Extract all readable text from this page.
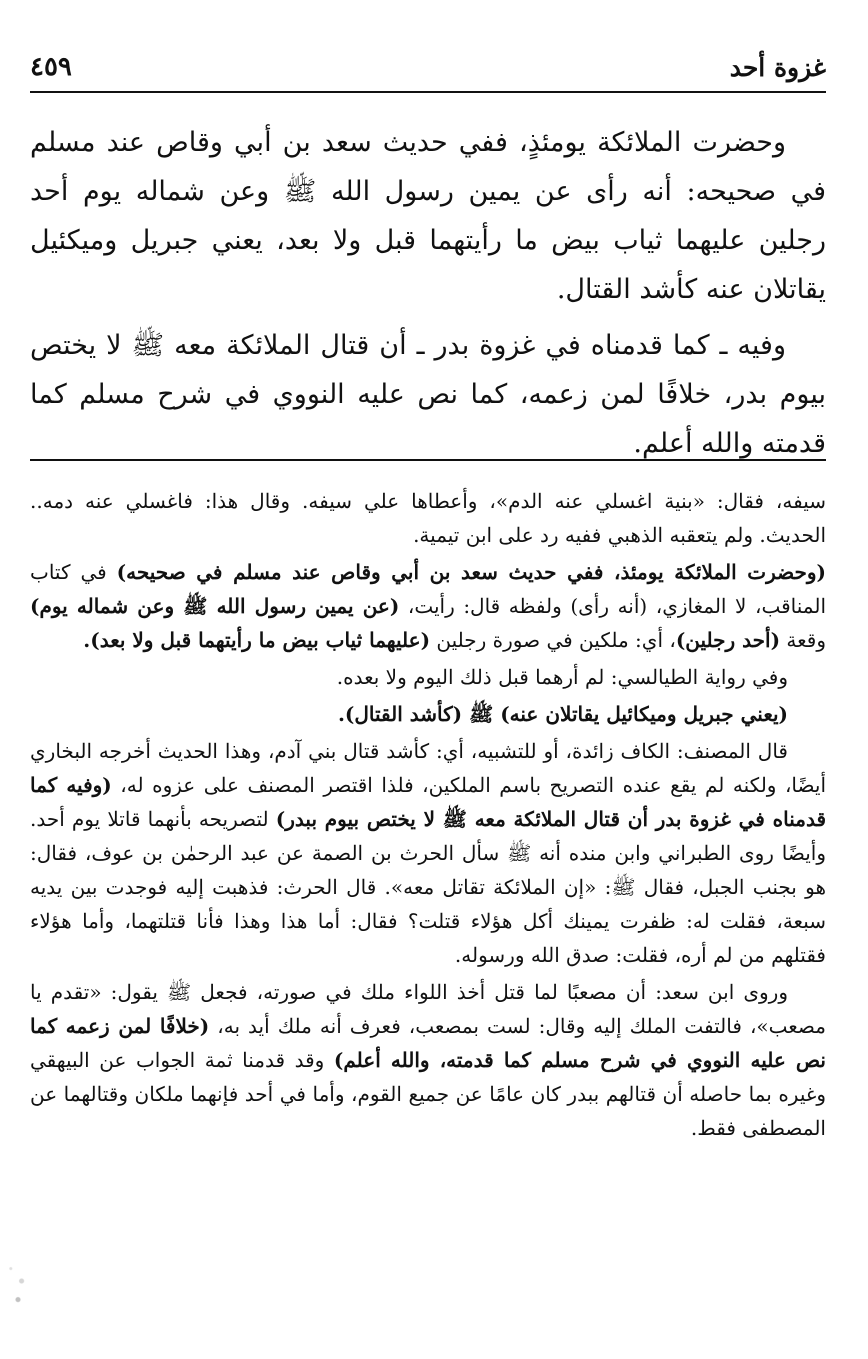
غزوة أحد
٤٥٩

وحضرت الملائكة يومئذٍ، ففي حديث سعد بن أبي وقاص عند مسلم في صحيحه: أنه رأى عن يمين رسول الله ﷺ وعن شماله يوم أحد رجلين عليهما ثياب بيض ما رأيتهما قبل ولا بعد، يعني جبريل وميكئيل يقاتلان عنه كأشد القتال.

وفيه ـ كما قدمناه في غزوة بدر ـ أن قتال الملائكة معه ﷺ لا يختص بيوم بدر، خلافًا لمن زعمه، كما نص عليه النووي في شرح مسلم كما قدمته والله أعلم.

سيفه، فقال: «بنية اغسلي عنه الدم»، وأعطاها علي سيفه. وقال هذا: فاغسلي عنه دمه.. الحديث. ولم يتعقبه الذهبي ففيه رد على ابن تيمية.

(وحضرت الملائكة يومئذ، ففي حديث سعد بن أبي وقاص عند مسلم في صحيحه) في كتاب المناقب، لا المغازي، (أنه رأى) ولفظه قال: رأيت، (عن يمين رسول الله ﷺ وعن شماله يوم) وقعة (أحد رجلين)، أي: ملكين في صورة رجلين (عليهما ثياب بيض ما رأيتهما قبل ولا بعد).

وفي رواية الطيالسي: لم أرهما قبل ذلك اليوم ولا بعده.

(يعني جبريل وميكائيل يقاتلان عنه) ﷺ (كأشد القتال).

قال المصنف: الكاف زائدة، أو للتشبيه، أي: كأشد قتال بني آدم، وهذا الحديث أخرجه البخاري أيضًا، ولكنه لم يقع عنده التصريح باسم الملكين، فلذا اقتصر المصنف على عزوه له، (وفيه كما قدمناه في غزوة بدر أن قتال الملائكة معه ﷺ لا يختص بيوم ببدر) لتصريحه بأنهما قاتلا يوم أحد. وأيضًا روى الطبراني وابن منده أنه ﷺ سأل الحرث بن الصمة عن عبد الرحمٰن بن عوف، فقال: هو بجنب الجبل، فقال ﷺ: «إن الملائكة تقاتل معه». قال الحرث: فذهبت إليه فوجدت بين يديه سبعة، فقلت له: ظفرت يمينك أكل هؤلاء قتلت؟ فقال: أما هذا وهذا فأنا قتلتهما، وأما هؤلاء فقتلهم من لم أره، فقلت: صدق الله ورسوله.

وروى ابن سعد: أن مصعبًا لما قتل أخذ اللواء ملك في صورته، فجعل ﷺ يقول: «تقدم يا مصعب»، فالتفت الملك إليه وقال: لست بمصعب، فعرف أنه ملك أيد به، (خلافًا لمن زعمه كما نص عليه النووي في شرح مسلم كما قدمته، والله أعلم) وقد قدمنا ثمة الجواب عن البيهقي وغيره بما حاصله أن قتالهم ببدر كان عامًا عن جميع القوم، وأما في أحد فإنهما ملكان وقتالهما عن المصطفى فقط.
